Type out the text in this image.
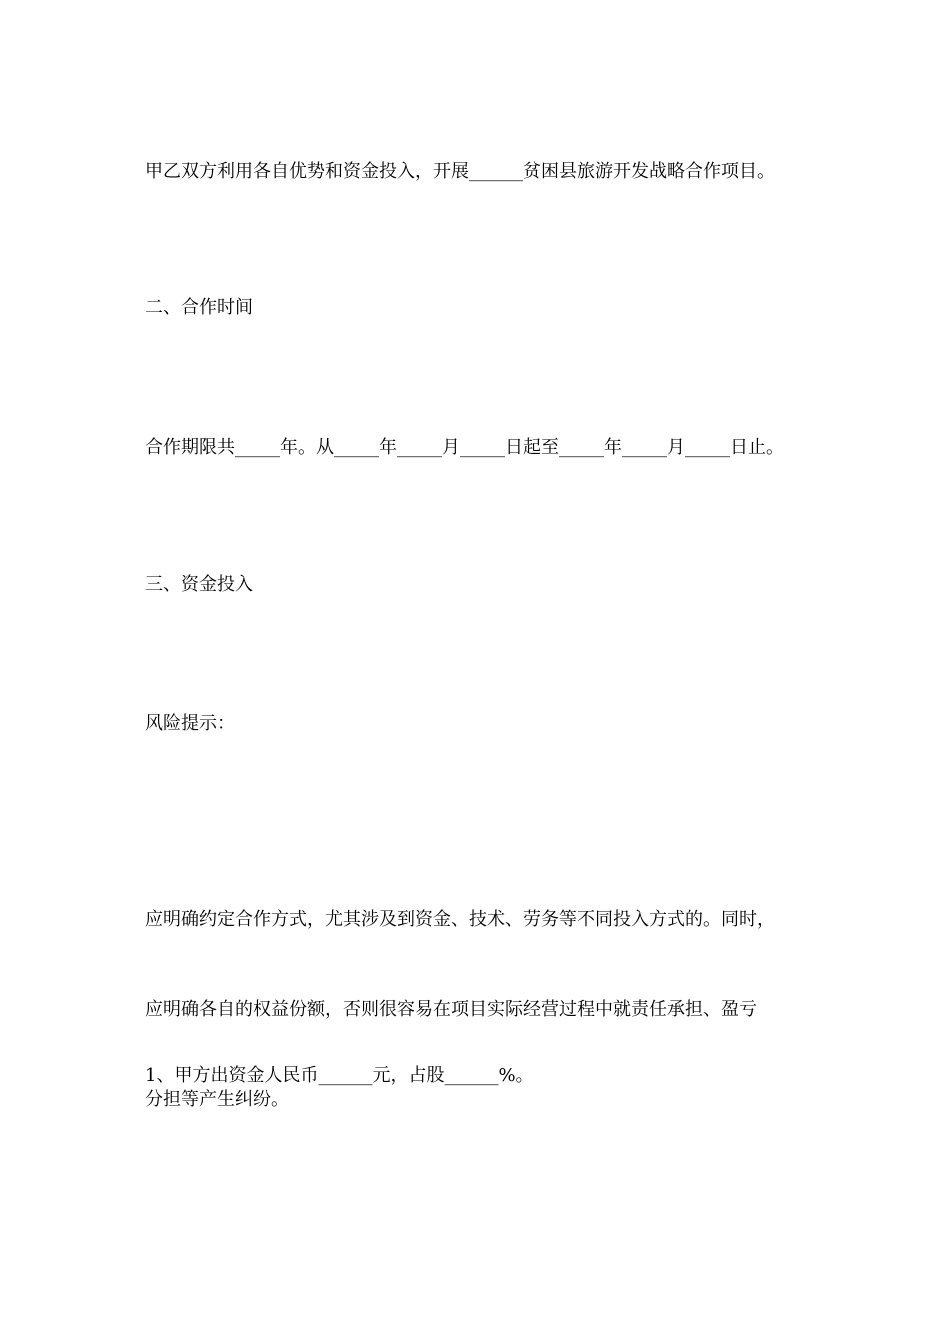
甲乙双方利用各自优势和资金投入，开展______贫困县旅游开发战略合作项目。

二、合作时间

合作期限共_____年。从_____年_____月_____日起至_____年_____月_____日止。

三、资金投入

风险提示：

应明确约定合作方式，尤其涉及到资金、技术、劳务等不同投入方式的。同时，

应明确各自的权益份额，否则很容易在项目实际经营过程中就责任承担、盈亏

分担等产生纠纷。

1、甲方出资金人民币______元，占股______%。
